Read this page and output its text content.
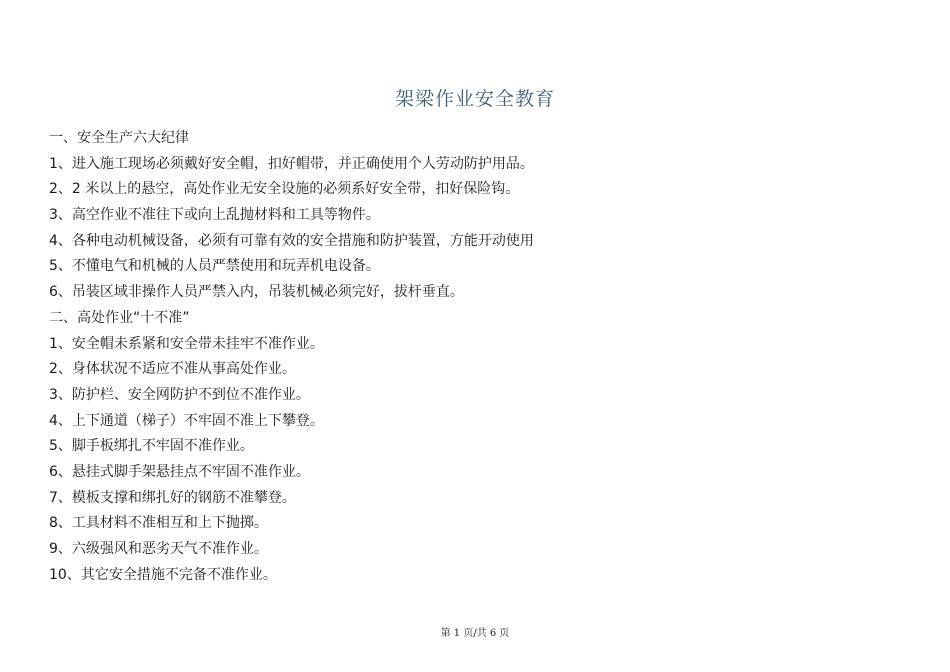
架梁作业安全教育
一、安全生产六大纪律
1、进入施工现场必须戴好安全帽，扣好帽带，并正确使用个人劳动防护用品。
2、2 米以上的悬空，高处作业无安全设施的必须系好安全带，扣好保险钩。
3、高空作业不准往下或向上乱抛材料和工具等物件。
4、各种电动机械设备，必须有可靠有效的安全措施和防护装置，方能开动使用
5、不懂电气和机械的人员严禁使用和玩弄机电设备。
6、吊装区域非操作人员严禁入内，吊装机械必须完好，拔杆垂直。
二、高处作业“十不准”
1、安全帽未系紧和安全带未挂牢不准作业。
2、身体状况不适应不准从事高处作业。
3、防护栏、安全网防护不到位不准作业。
4、上下通道（梯子）不牢固不准上下攀登。
5、脚手板绑扎不牢固不准作业。
6、悬挂式脚手架悬挂点不牢固不准作业。
7、模板支撑和绑扎好的钢筋不准攀登。
8、工具材料不准相互和上下抛掷。
9、六级强风和恶劣天气不准作业。
10、其它安全措施不完备不准作业。
第 1 页/共 6 页
